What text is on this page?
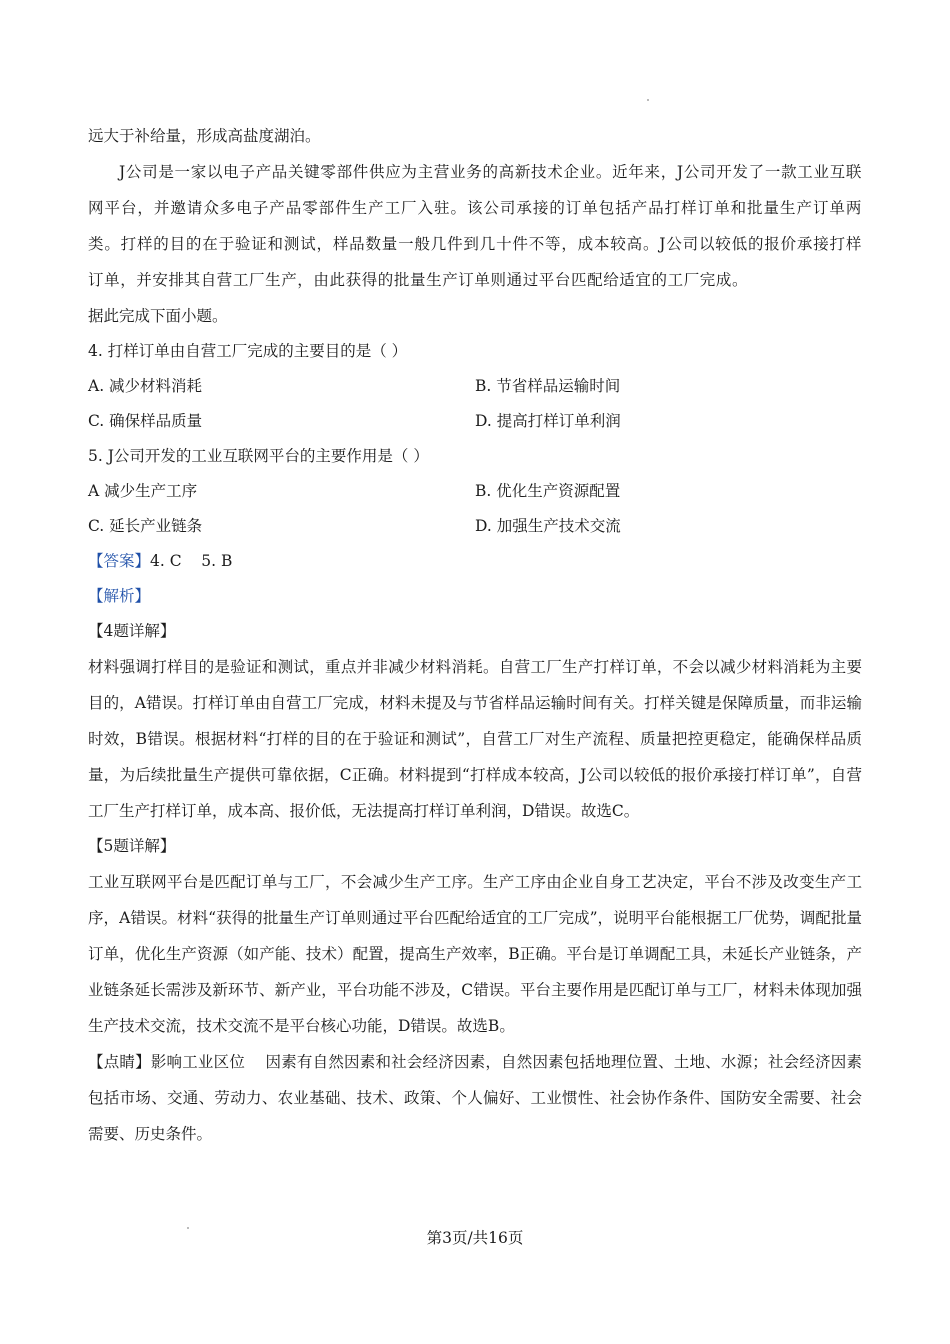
远大于补给量，形成高盐度湖泊。
J公司是一家以电子产品关键零部件供应为主营业务的高新技术企业。近年来，J公司开发了一款工业互联网平台，并邀请众多电子产品零部件生产工厂入驻。该公司承接的订单包括产品打样订单和批量生产订单两类。打样的目的在于验证和测试，样品数量一般几件到几十件不等，成本较高。J公司以较低的报价承接打样订单，并安排其自营工厂生产，由此获得的批量生产订单则通过平台匹配给适宜的工厂完成。
据此完成下面小题。
4. 打样订单由自营工厂完成的主要目的是（ ）
A. 减少材料消耗	B. 节省样品运输时间
C. 确保样品质量	D. 提高打样订单利润
5. J公司开发的工业互联网平台的主要作用是（ ）
A 减少生产工序	B. 优化生产资源配置
C. 延长产业链条	D. 加强生产技术交流
【答案】4. C    5. B
【解析】
【4题详解】
材料强调打样目的是验证和测试，重点并非减少材料消耗。自营工厂生产打样订单，不会以减少材料消耗为主要目的，A错误。打样订单由自营工厂完成，材料未提及与节省样品运输时间有关。打样关键是保障质量，而非运输时效，B错误。根据材料“打样的目的在于验证和测试”，自营工厂对生产流程、质量把控更稳定，能确保样品质量，为后续批量生产提供可靠依据，C正确。材料提到“打样成本较高，J公司以较低的报价承接打样订单”，自营工厂生产打样订单，成本高、报价低，无法提高打样订单利润，D错误。故选C。
【5题详解】
工业互联网平台是匹配订单与工厂，不会减少生产工序。生产工序由企业自身工艺决定，平台不涉及改变生产工序，A错误。材料“获得的批量生产订单则通过平台匹配给适宜的工厂完成”，说明平台能根据工厂优势，调配批量订单，优化生产资源（如产能、技术）配置，提高生产效率，B正确。平台是订单调配工具，未延长产业链条，产业链条延长需涉及新环节、新产业，平台功能不涉及，C错误。平台主要作用是匹配订单与工厂，材料未体现加强生产技术交流，技术交流不是平台核心功能，D错误。故选B。
【点睛】影响工业区位    因素有自然因素和社会经济因素，自然因素包括地理位置、土地、水源；社会经济因素包括市场、交通、劳动力、农业基础、技术、政策、个人偏好、工业惯性、社会协作条件、国防安全需要、社会需要、历史条件。
第3页/共16页
